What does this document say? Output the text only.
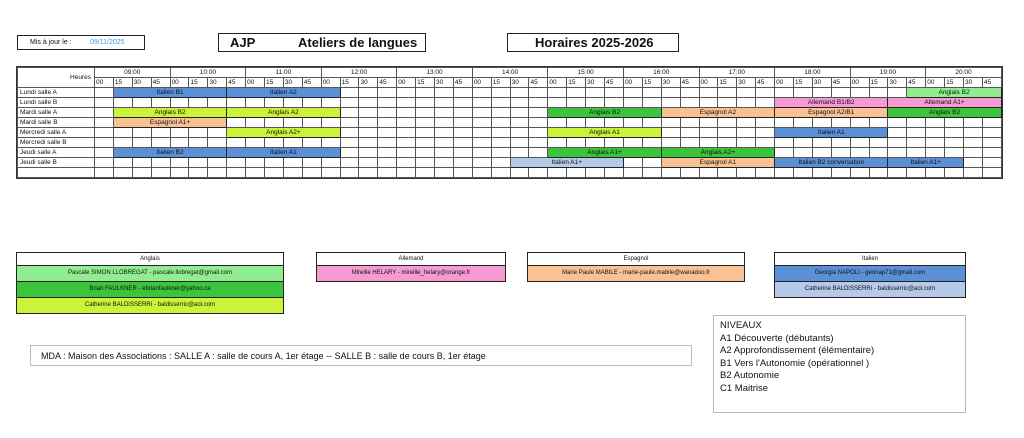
Mis à jour le :	09/11/2025	AJP	Ateliers de langues	Horaires 2025-2026
Heures	09:00				10:00				11:00				12:00				13:00				14:00				15:00				16:00				17:00				18:00				19:00				20:00			
	00	15	30	45	00	15	30	45	00	15	30	45	00	15	30	45	00	15	30	45	00	15	30	45	00	15	30	45	00	15	30	45	00	15	30	45	00	15	30	45	00	15	30	45	00	15	30	45
Lundi salle A		Italien B1						Italien A2																																				Anglais B2				
Lundi salle B																																					Allemand B1/B2						Allemand A1+					
Mardi salle A		Anglais B2						Anglais A2																	Anglais B2						Espagnol A2						Espagnol A2/B1						Anglais B2					
Mardi salle B		Espagnol A1+																																														
Mercredi salle A								Anglais A2+																	Anglais A1												Italien A1											
Mercredi salle B																																																
Jeudi salle A		Italien B2						Italien A1																	Anglais A1+						Anglais A2+																	
Jeudi salle B																							Italien A1+								Espagnol A1						Italien B2 conversation						Italien A1+					

Anglais
Pascale SIMON LLOBREGAT - pascale.llobregat@gmail.com
Brian FAULKNER - ebrianfaulkner@yahoo.ca
Catherine BALDISSERRI - baldisserric@aol.com
Allemand
Mireille HELARY - mireille_helary@orange.fr
Espagnol
Marie Paule MABILE - marie-paule.mabile@wanadoo.fr
Italien
Georgia NAPOLI - geonap71@gmail.com
Catherine BALDISSERRI - baldisserric@aol.com
MDA : Maison des Associations : SALLE A : salle de cours A, 1er étage -- SALLE B : salle de cours B, 1er étage
NIVEAUX
A1 Découverte (débutants)
A2 Approfondissement (élémentaire)
B1 Vers l'Autonomie (opérationnel )
B2 Autonomie
C1 Maitrise
